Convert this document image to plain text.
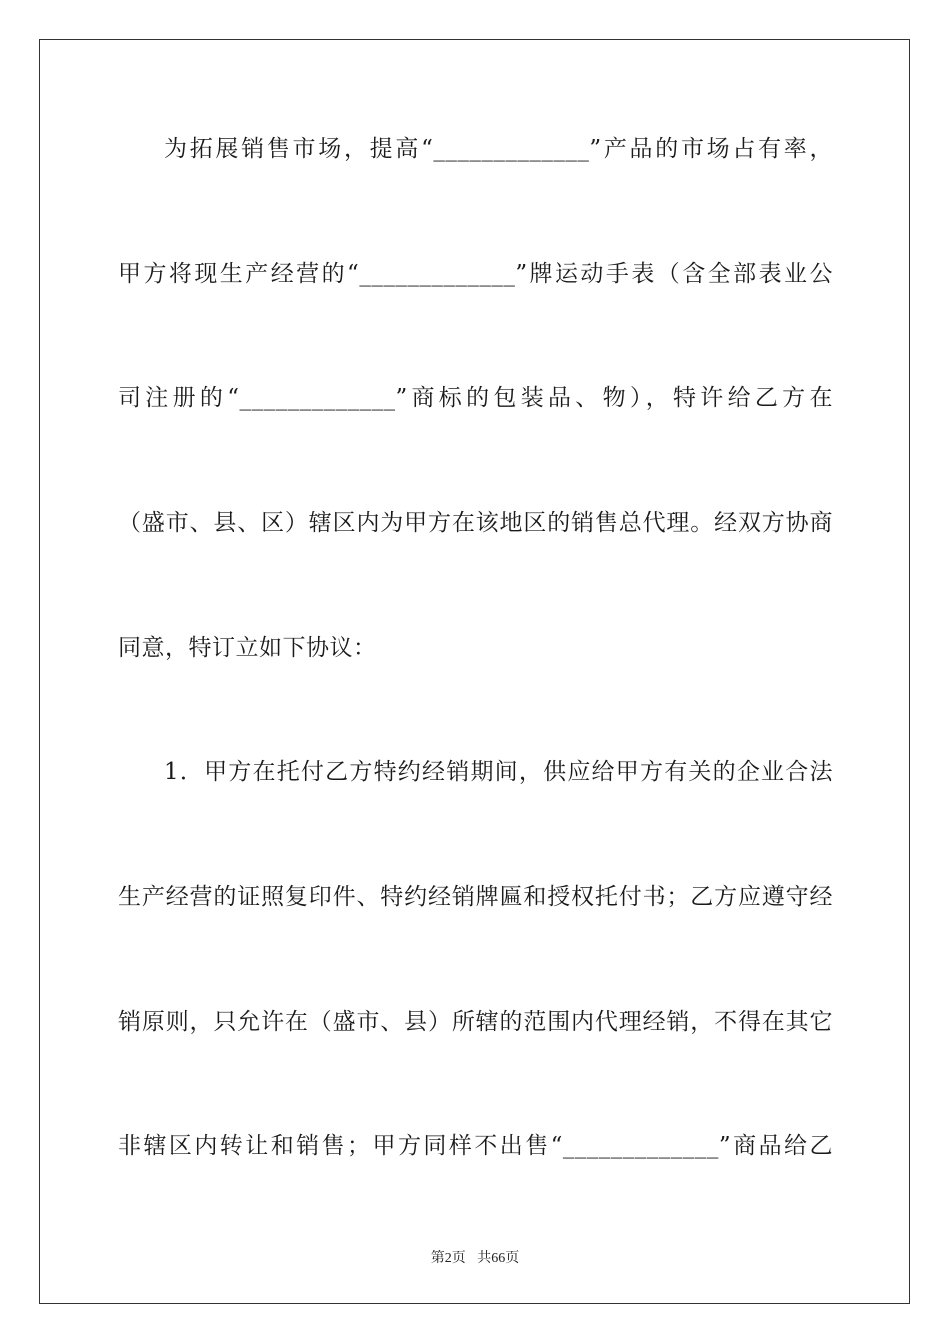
为拓展销售市场，提高“_____________”产品的市场占有率，
甲方将现生产经营的“_____________”牌运动手表（含全部表业公
司注册的“_____________”商标的包装品、物），特许给乙方在
（盛市、县、区）辖区内为甲方在该地区的销售总代理。经双方协商
同意，特订立如下协议：
1．甲方在托付乙方特约经销期间，供应给甲方有关的企业合法
生产经营的证照复印件、特约经销牌匾和授权托付书；乙方应遵守经
销原则，只允许在（盛市、县）所辖的范围内代理经销，不得在其它
非辖区内转让和销售；甲方同样不出售“_____________”商品给乙
第2页 共66页
